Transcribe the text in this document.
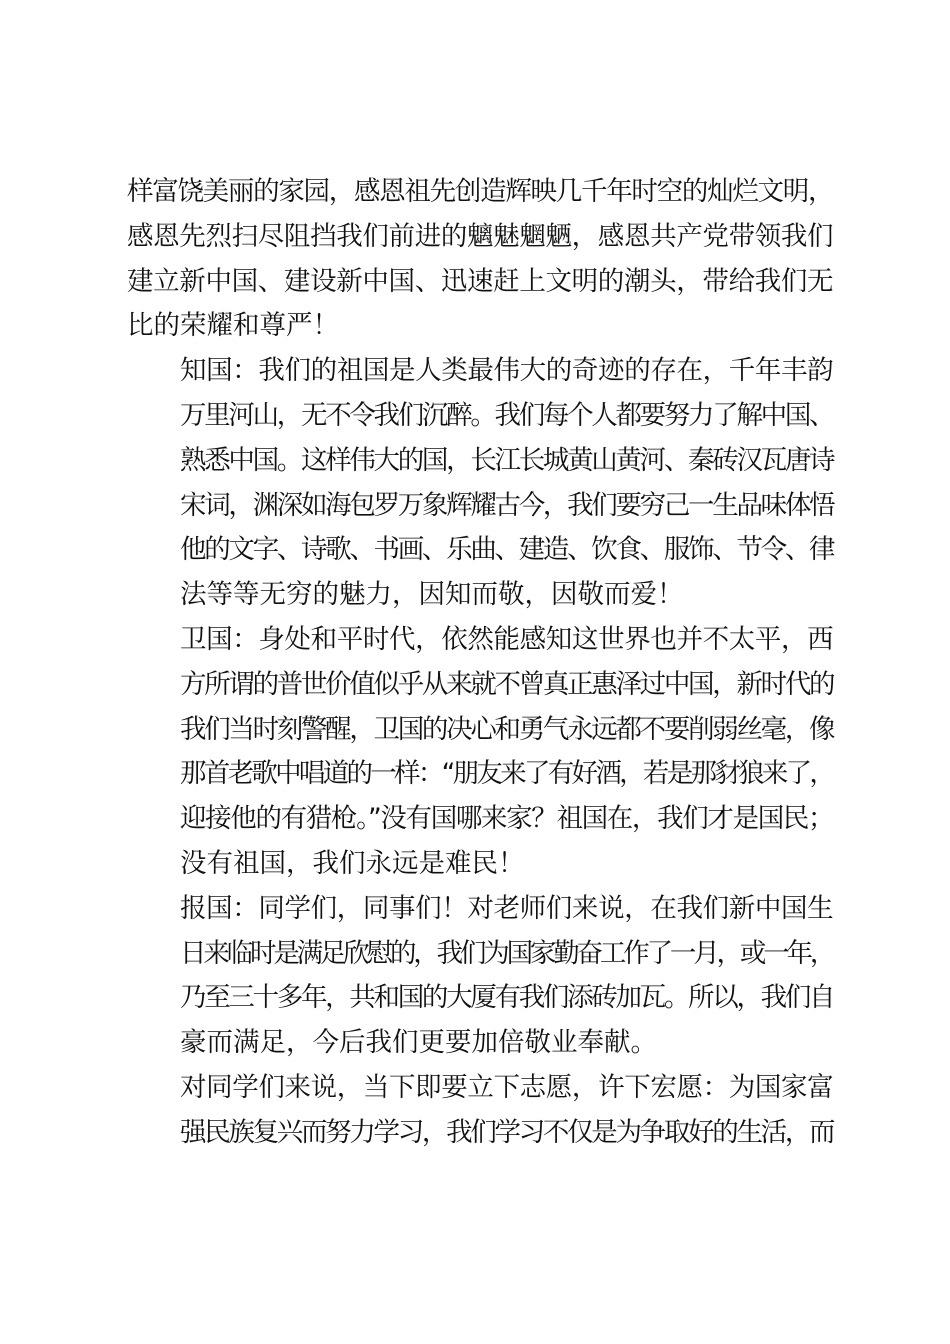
样富饶美丽的家园，感恩祖先创造辉映几千年时空的灿烂文明，
感恩先烈扫尽阻挡我们前进的魑魅魍魉，感恩共产党带领我们
建立新中国、建设新中国、迅速赶上文明的潮头，带给我们无
比的荣耀和尊严！

知国：我们的祖国是人类最伟大的奇迹的存在，千年丰韵
万里河山，无不令我们沉醉。我们每个人都要努力了解中国、
熟悉中国。这样伟大的国，长江长城黄山黄河、秦砖汉瓦唐诗
宋词，渊深如海包罗万象辉耀古今，我们要穷己一生品味体悟
他的文字、诗歌、书画、乐曲、建造、饮食、服饰、节令、律
法等等无穷的魅力，因知而敬，因敬而爱！

卫国：身处和平时代，依然能感知这世界也并不太平，西
方所谓的普世价值似乎从来就不曾真正惠泽过中国，新时代的
我们当时刻警醒，卫国的决心和勇气永远都不要削弱丝毫，像
那首老歌中唱道的一样：“朋友来了有好酒，若是那豺狼来了，
迎接他的有猎枪。”没有国哪来家？祖国在，我们才是国民；
没有祖国，我们永远是难民！

报国：同学们，同事们！对老师们来说，在我们新中国生
日来临时是满足欣慰的，我们为国家勤奋工作了一月，或一年，
乃至三十多年，共和国的大厦有我们添砖加瓦。所以，我们自
豪而满足，今后我们更要加倍敬业奉献。

对同学们来说，当下即要立下志愿，许下宏愿：为国家富
强民族复兴而努力学习，我们学习不仅是为争取好的生活，而
